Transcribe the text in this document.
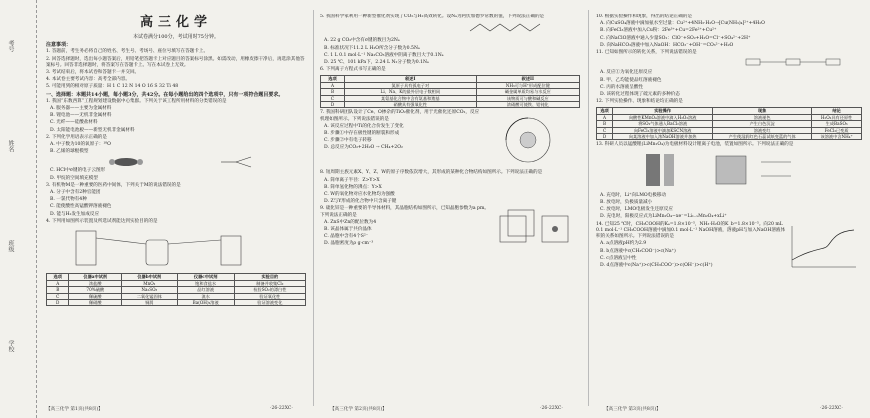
考号
姓名
班级
学校
高三化学
本试卷满分100分，考试用时75分钟。

注意事项：

1. 答题前，考生务必将自己的姓名、考生号、考场号、座位号填写在答题卡上。

2. 回答选择题时，选出每小题答案后，用铅笔把答题卡上对应题目的答案标号涂黑。如需改动，用橡皮擦干净后，再选涂其他答案标号。回答非选择题时，将答案写在答题卡上。写在本试卷上无效。

3. 考试结束后，将本试卷和答题卡一并交回。

4. 本试卷主要考试内容：高考全部内容。

5. 可能用到的相对原子质量：H 1 C 12 N 14 O 16 S 32 Ti 48

一、选择题：本题共14小题，每小题3分，共42分。在每小题给出的四个选项中，只有一项符合题目要求。

1. 我国“东数西算”工程规划建设数据中心集群。下列关于该工程所用材料的分类错误的是

A. 服务器——主要为金属材料

B. 锂电池——无机非金属材料

C. 光纤——硅酸盐材料

D. 太阳能电池板——新型无机非金属材料

2. 下列化学用语表示正确的是

A. 中子数为10的氧原子：¹⁸O

B. 乙烯的球棍模型

C. HCl中σ键的电子云图形

D. 甲烷的空间填充模型

3. 有机物M是一种重要的医药中间体，下列关于M的说法错误的是

A. 分子中含有2种官能团

B. 一氯代物有4种

C. 能使酸性高锰酸钾溶液褪色

D. 能与H₂发生加成反应

4. 下列用如图所示装置及所选试剂能达到实验目的的是

选项	仪器a中试剂	仪器b中试剂	仪器c中试剂	实验目的
A	浓盐酸	MnO₂	饱和食盐水	制备并收集Cl₂
B	70%硫酸	Na₂SO₃	品红溶液	检验SO₂的漂白性
C	稀硫酸	二氧化锰固体	溴水	验证氧化性
D	稀硝酸	铜屑	Ba(OH)₂溶液	验证溶液变化
【高三化学 第1页(共8页)】	·26-22XC·

5. 我国科学家利用一种新型催化剂实现了CO₂与H₂高效转化。设Nₐ为阿伏加德罗常数的值，下列说法正确的是

A. 22 g CO₂中含有σ键的数目为2Nₐ

B. 标准状况下11.2 L H₂O所含分子数为0.5Nₐ

C. 1 L 0.1 mol·L⁻¹ Na₂CO₃溶液中阴离子数目大于0.1Nₐ

D. 25 ℃、101 kPa下，2.24 L N₂分子数为0.1Nₐ

6. 下列离子方程式书写正确的是

选项	叙述I	叙述II
A	氮原子具有孤电子对	NH₃可与H⁺形成配位键
B	Li、Na、K的最外层电子数相同	碱金属单质均易与水反应
C	某氨基化合物中含有氨基和羧基	该物质可与酸和碱反应
D	硝酸具有强氧化性	浓硝酸可使铁、铝钝化

7. 我国科研团队设计了Ce、O掺杂的TiO₂催化剂，用于光催化还原CO₂，反应机理如图所示。下列说法错误的是

A. 该反应过程中Ti的化合价发生了变化

B. 步骤①中存在极性键的断裂和形成

C. 步骤②中有电子转移

D. 总反应为CO₂+2H₂O → CH₄+2O₂

8. 短周期主族元素X、Y、Z、W的原子序数依次增大，其形成的某种化合物结构如图所示。下列说法正确的是

A. 简单离子半径：Z>Y>X

B. 简单氢化物的沸点：Y>X

C. W的氧化物对应水化物均为强酸

D. Z与Y形成的化合物中只含离子键

9. 硫化锌是一种重要的半导体材料，其晶胞结构如图所示，已知晶胞参数为a pm。下列说法正确的是

A. ZnS中Zn的配位数为4

B. 该晶体属于共价晶体

C. 晶胞中含有4个S²⁻

D. 晶胞密度为ρ g·cm⁻³

【高三化学 第2页(共8页)】	·26-22XC·

10. 根据实验操作和现象，得出的结论正确的是

A. 向CuSO₄溶液中滴加氨水至过量：Cu²⁺+4NH₃·H₂O→[Cu(NH₃)₄]²⁺+4H₂O

B. 向FeCl₃溶液中加入Cu粉：2Fe³⁺+Cu=2Fe²⁺+Cu²⁺

C. 向NaClO溶液中通入少量SO₂：ClO⁻+SO₂+H₂O=Cl⁻+SO₄²⁻+2H⁺

D. 向NaHCO₃溶液中加入NaOH：HCO₃⁻+OH⁻=CO₃²⁻+H₂O

11. 已知如图所示的转化关系，下列说法错误的是

A. 反应①为氧化还原反应

B. 甲、乙均能使品红溶液褪色

C. 丙的水溶液呈酸性

D. 该转化过程体现了硫元素的多种价态

12. 下列实验操作、现象和结论均正确的是

选项	实验操作	现象	结论
A	向酸性KMnO₄溶液中滴入H₂O₂溶液	溶液褪色	H₂O₂具有还原性
B	将SO₂气体通入BaCl₂溶液	产生白色沉淀	生成BaSO₃
C	向FeCl₂溶液中滴加KSCN溶液	溶液变红	FeCl₂已变质
D	向某溶液中加入浓NaOH溶液并加热	产生使湿润红色石蕊试纸变蓝的气体	该溶液中含NH₄⁺

13. 科研人员以锰酸锂(LiMn₂O₄)为电极材料设计锂离子电池，装置如图所示。下列说法正确的是

A. 充电时，Li⁺向LMO电极移动

B. 放电时，负极质量减小

C. 放电时，LMO电极发生还原反应

D. 充电时，阳极反应式为LiMn₂O₄−xe⁻=Li₁₋ₓMn₂O₄+xLi⁺

14. 已知25 ℃时，CH₃COOH的Kₐ=1.8×10⁻⁵，NH₃·H₂O的K_b=1.8×10⁻⁵。向20 mL 0.1 mol·L⁻¹ CH₃COOH溶液中滴加0.1 mol·L⁻¹ NaOH溶液，溶液pH与加入NaOH溶液体积的关系如图所示。下列说法错误的是

A. a点溶液pH约为2.9

B. b点溶液中c(CH₃COO⁻)>c(Na⁺)

C. c点溶液呈中性

D. d点溶液中c(Na⁺)>c(CH₃COO⁻)>c(OH⁻)>c(H⁺)

【高三化学 第3页(共8页)】	·26-22XC·
